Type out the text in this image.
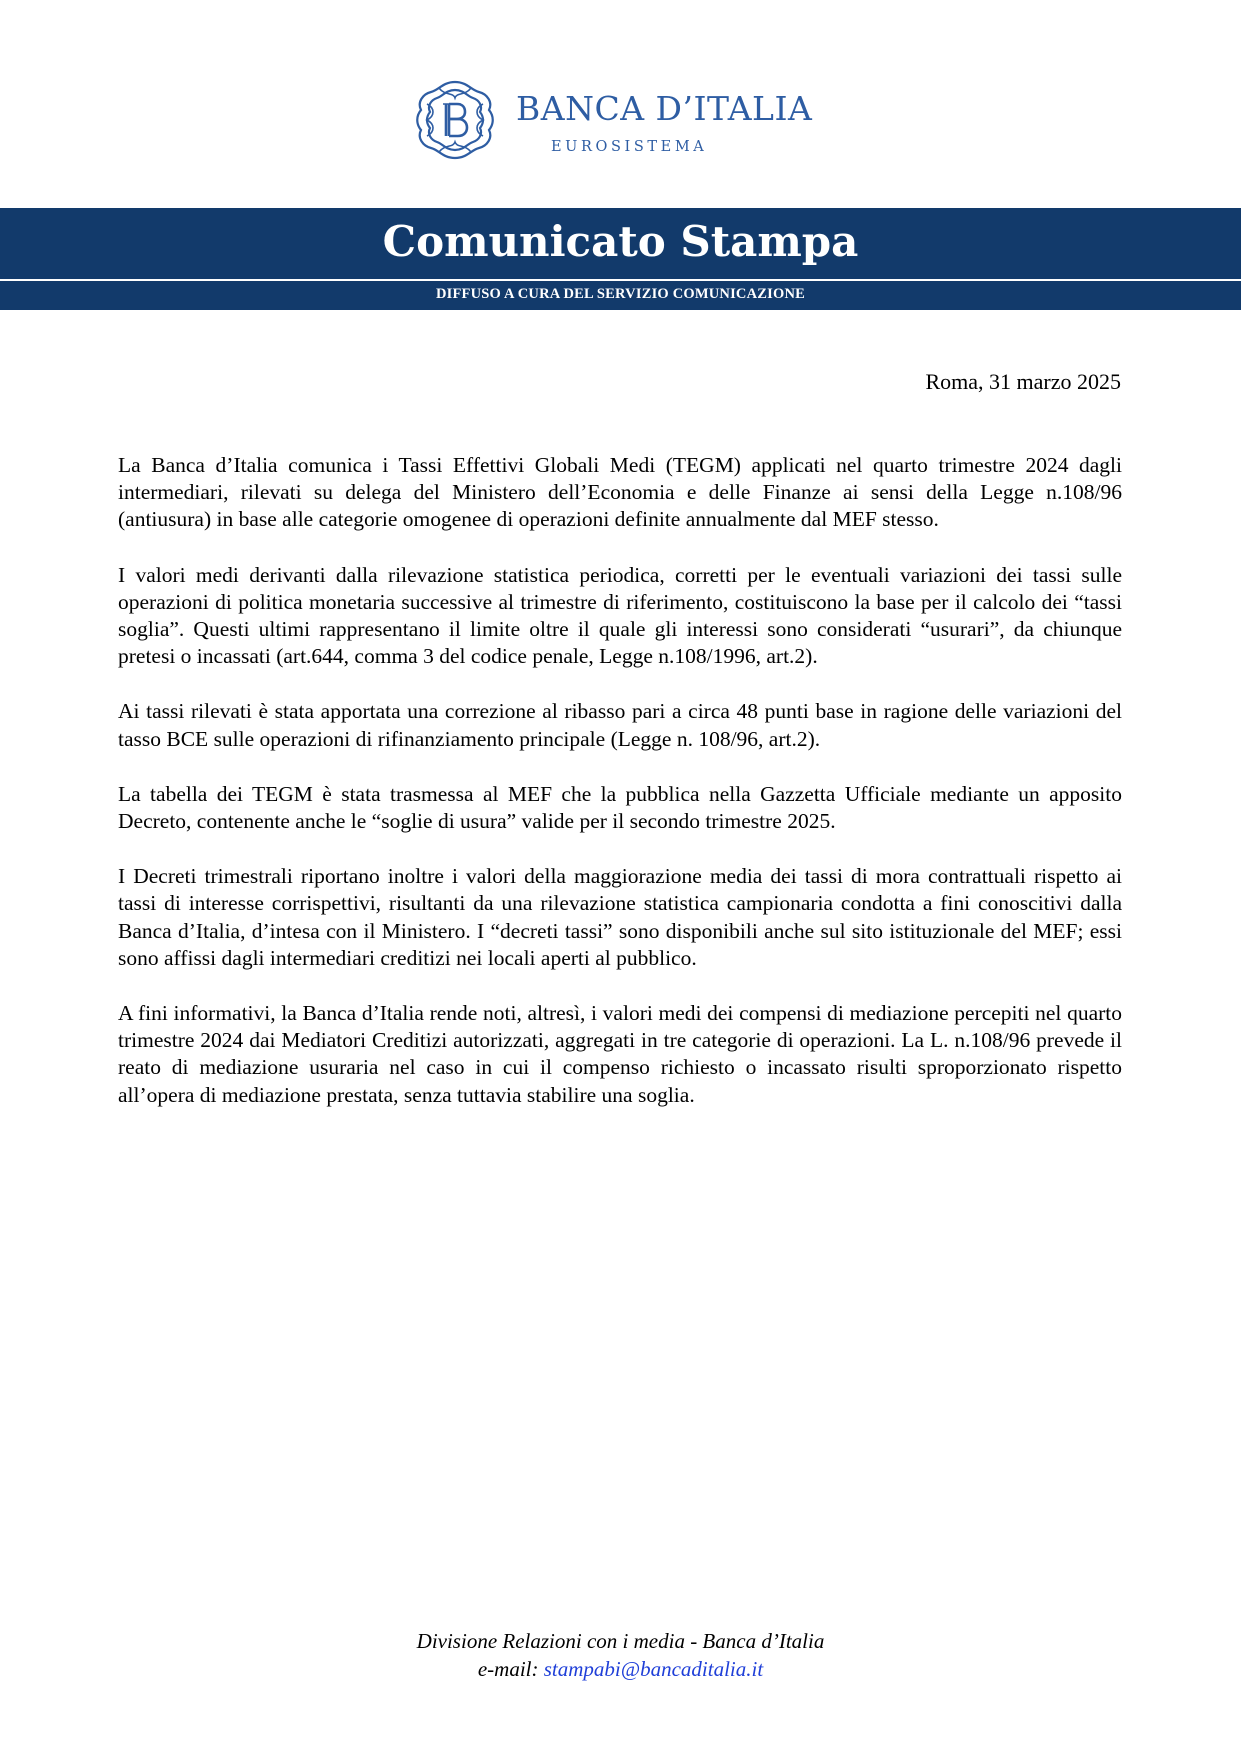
BANCA D’ITALIA
EUROSISTEMA
Comunicato Stampa
DIFFUSO A CURA DEL SERVIZIO COMUNICAZIONE
Roma, 31 marzo 2025

La Banca d’Italia comunica i Tassi Effettivi Globali Medi (TEGM) applicati nel quarto trimestre 2024 dagli intermediari, rilevati su delega del Ministero dell’Economia e delle Finanze ai sensi della Legge n.108/96 (antiusura) in base alle categorie omogenee di operazioni definite annualmente dal MEF stesso.

I valori medi derivanti dalla rilevazione statistica periodica, corretti per le eventuali variazioni dei tassi sulle operazioni di politica monetaria successive al trimestre di riferimento, costituiscono la base per il calcolo dei “tassi soglia”. Questi ultimi rappresentano il limite oltre il quale gli interessi sono considerati “usurari”, da chiunque pretesi o incassati (art.644, comma 3 del codice penale, Legge n.108/1996, art.2).

Ai tassi rilevati è stata apportata una correzione al ribasso pari a circa 48 punti base in ragione delle variazioni del tasso BCE sulle operazioni di rifinanziamento principale (Legge n. 108/96, art.2).

La tabella dei TEGM è stata trasmessa al MEF che la pubblica nella Gazzetta Ufficiale mediante un apposito Decreto, contenente anche le “soglie di usura” valide per il secondo trimestre 2025.

I Decreti trimestrali riportano inoltre i valori della maggiorazione media dei tassi di mora contrattuali rispetto ai tassi di interesse corrispettivi, risultanti da una rilevazione statistica campionaria condotta a fini conoscitivi dalla Banca d’Italia, d’intesa con il Ministero. I “decreti tassi” sono disponibili anche sul sito istituzionale del MEF; essi sono affissi dagli intermediari creditizi nei locali aperti al pubblico.

A fini informativi, la Banca d’Italia rende noti, altresì, i valori medi dei compensi di mediazione percepiti nel quarto trimestre 2024 dai Mediatori Creditizi autorizzati, aggregati in tre categorie di operazioni. La L. n.108/96 prevede il reato di mediazione usuraria nel caso in cui il compenso richiesto o incassato risulti sproporzionato rispetto all’opera di mediazione prestata, senza tuttavia stabilire una soglia.

Divisione Relazioni con i media - Banca d’Italia
e-mail: stampabi@bancaditalia.it
